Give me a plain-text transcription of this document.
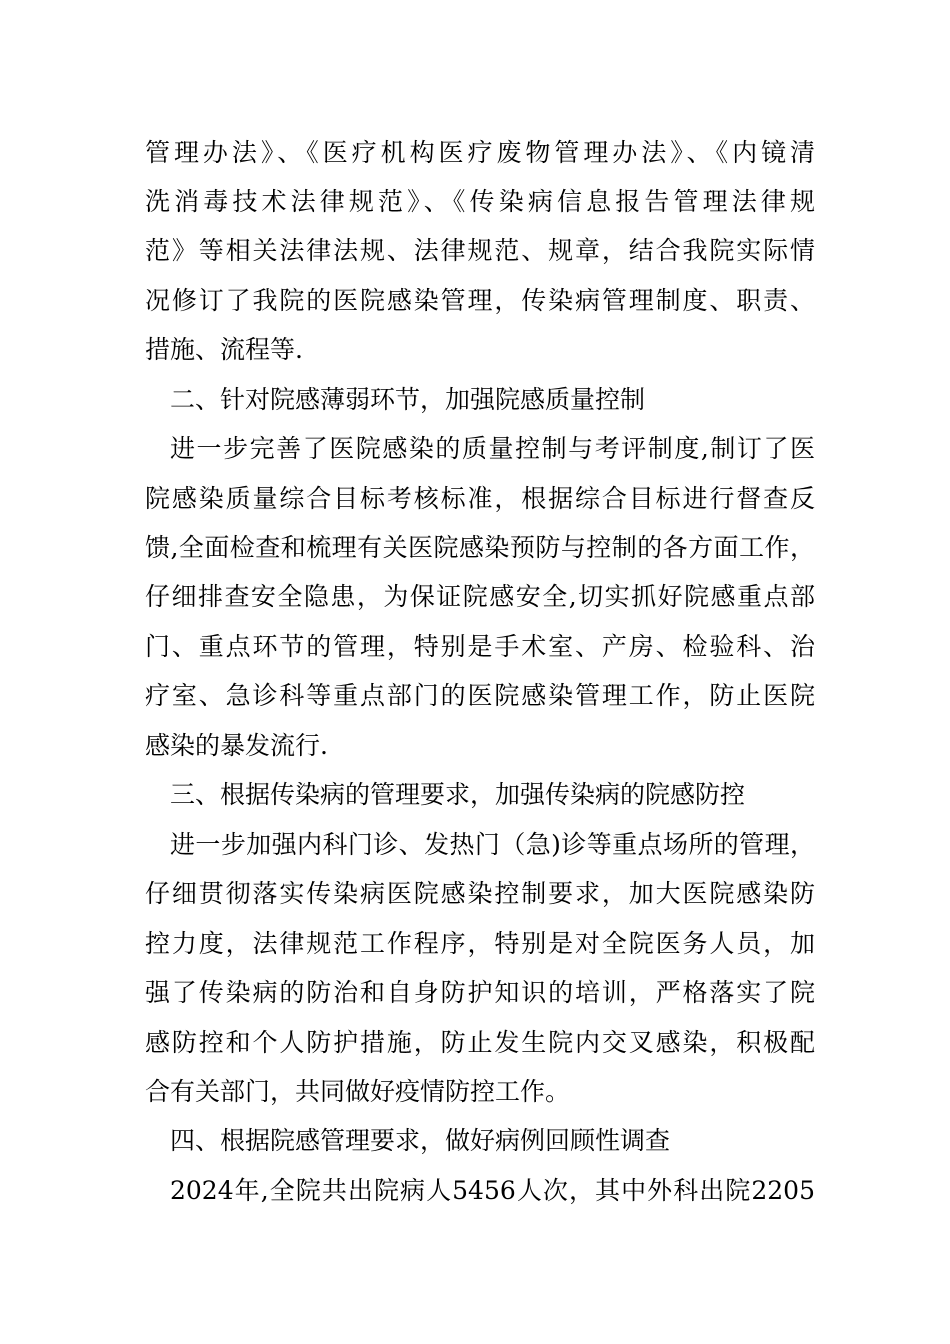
管理办法》、《医疗机构医疗废物管理办法》、《内镜清
洗消毒技术法律规范》、《传染病信息报告管理法律规
范》等相关法律法规、法律规范、规章，结合我院实际情
况修订了我院的医院感染管理，传染病管理制度、职责、
措施、流程等.
二、针对院感薄弱环节，加强院感质量控制
进一步完善了医院感染的质量控制与考评制度,制订了医
院感染质量综合目标考核标准，根据综合目标进行督查反
馈,全面检查和梳理有关医院感染预防与控制的各方面工作，
仔细排查安全隐患，为保证院感安全,切实抓好院感重点部
门、重点环节的管理，特别是手术室、产房、检验科、治
疗室、急诊科等重点部门的医院感染管理工作，防止医院
感染的暴发流行.
三、根据传染病的管理要求，加强传染病的院感防控
进一步加强内科门诊、发热门（急)诊等重点场所的管理，
仔细贯彻落实传染病医院感染控制要求，加大医院感染防
控力度，法律规范工作程序，特别是对全院医务人员，加
强了传染病的防治和自身防护知识的培训，严格落实了院
感防控和个人防护措施，防止发生院内交叉感染，积极配
合有关部门，共同做好疫情防控工作。
四、根据院感管理要求，做好病例回顾性调查
2024年,全院共出院病人5456人次，其中外科出院2205
